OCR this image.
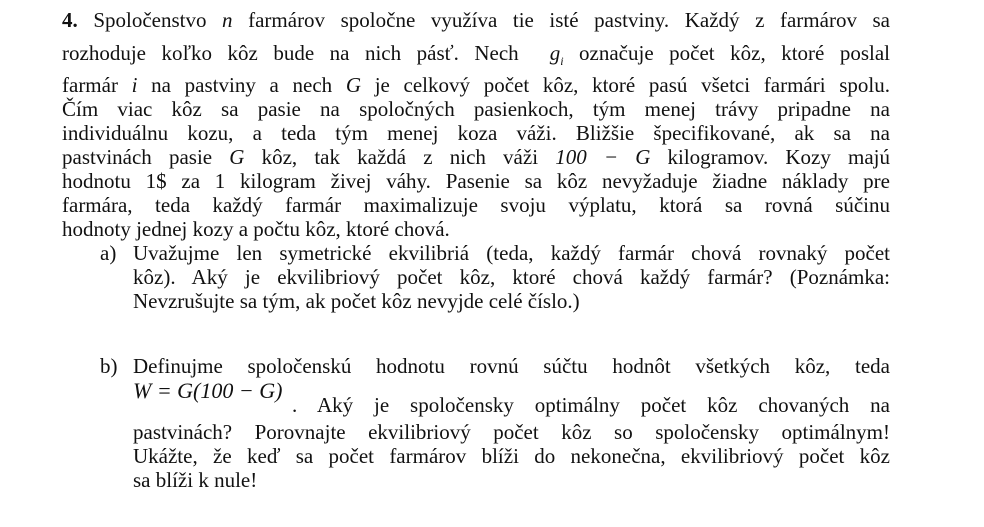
4. Spoločenstvo n farmárov spoločne využíva tie isté pastviny. Každý z farmárov sa
rozhoduje koľko kôz bude na nich pásť. Nech  $g_i$ označuje počet kôz, ktoré poslal
farmár i na pastviny a nech G je celkový počet kôz, ktoré pasú všetci farmári spolu.
Čím viac kôz sa pasie na spoločných pasienkoch, tým menej trávy pripadne na
individuálnu kozu, a teda tým menej koza váži. Bližšie špecifikované, ak sa na
pastvinách pasie G kôz, tak každá z nich váži 100 − G kilogramov. Kozy majú
hodnotu 1$ za 1 kilogram živej váhy. Pasenie sa kôz nevyžaduje žiadne náklady pre
farmára, teda každý farmár maximalizuje svoju výplatu, ktorá sa rovná súčinu
hodnoty jednej kozy a počtu kôz, ktoré chová.
a) Uvažujme len symetrické ekvilibriá (teda, každý farmár chová rovnaký počet
kôz). Aký je ekvilibriový počet kôz, ktoré chová každý farmár? (Poznámka:
Nevzrušujte sa tým, ak počet kôz nevyjde celé číslo.)
b) Definujme spoločenskú hodnotu rovnú súčtu hodnôt všetkých kôz, teda
W = G(100 − G)
. Aký je spoločensky optimálny počet kôz chovaných na
pastvinách? Porovnajte ekvilibriový počet kôz so spoločensky optimálnym!
Ukážte, že keď sa počet farmárov blíži do nekonečna, ekvilibriový počet kôz
sa blíži k nule!
